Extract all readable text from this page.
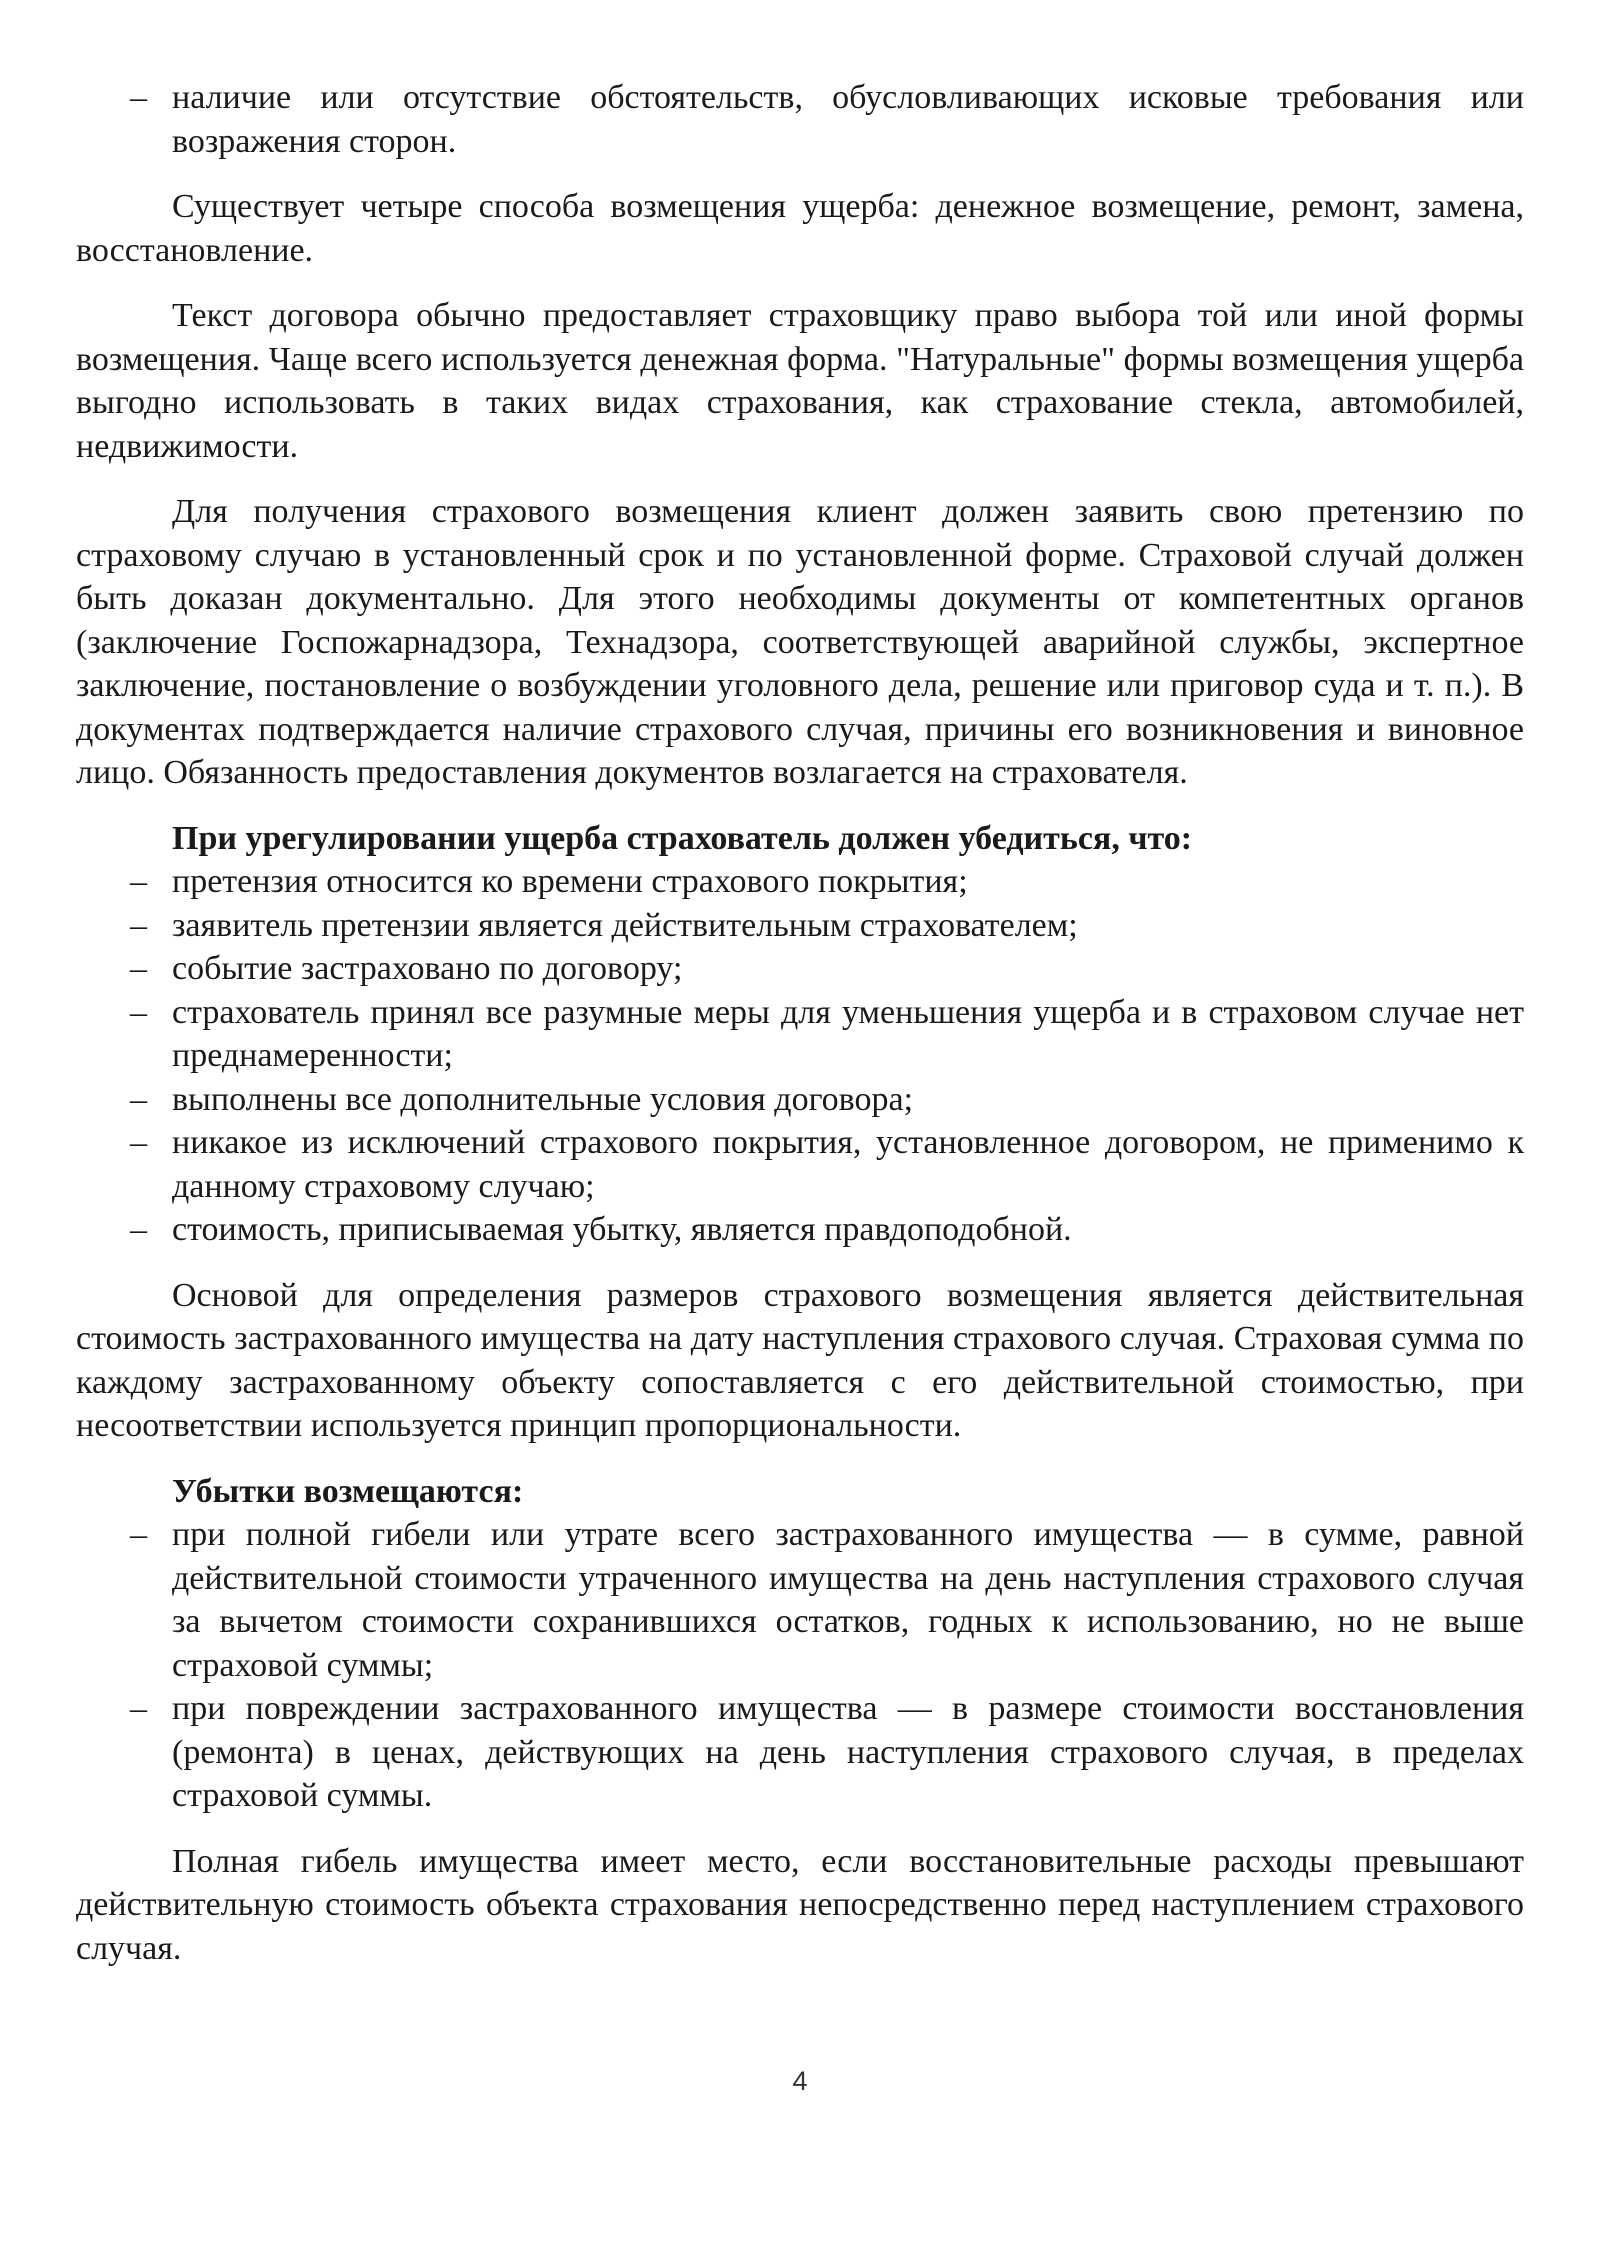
– наличие или отсутствие обстоятельств, обусловливающих исковые требования или возражения сторон.

Существует четыре способа возмещения ущерба: денежное возмещение, ремонт, замена, восстановление.

Текст договора обычно предоставляет страховщику право выбора той или иной формы возмещения. Чаще всего используется денежная форма. "Натуральные" формы возмещения ущерба выгодно использовать в таких видах страхования, как страхование стекла, автомобилей, недвижимости.

Для получения страхового возмещения клиент должен заявить свою претензию по страховому случаю в установленный срок и по установленной форме. Страховой случай должен быть доказан документально. Для этого необходимы документы от компетентных органов (заключение Госпожарнадзора, Технадзора, соответствующей аварийной службы, экспертное заключение, постановление о возбуждении уголовного дела, решение или приговор суда и т. п.). В документах подтверждается наличие страхового случая, причины его возникновения и виновное лицо. Обязанность предоставления документов возлагается на страхователя.

При урегулировании ущерба страхователь должен убедиться, что:

– претензия относится ко времени страхового покрытия;
– заявитель претензии является действительным страхователем;
– событие застраховано по договору;
– страхователь принял все разумные меры для уменьшения ущерба и в страховом случае нет преднамеренности;
– выполнены все дополнительные условия договора;
– никакое из исключений страхового покрытия, установленное договором, не применимо к данному страховому случаю;
– стоимость, приписываемая убытку, является правдоподобной.

Основой для определения размеров страхового возмещения является действительная стоимость застрахованного имущества на дату наступления страхового случая. Страховая сумма по каждому застрахованному объекту сопоставляется с его действительной стоимостью, при несоответствии используется принцип пропорциональности.

Убытки возмещаются:

– при полной гибели или утрате всего застрахованного имущества — в сумме, равной действительной стоимости утраченного имущества на день наступления страхового случая за вычетом стоимости сохранившихся остатков, годных к использованию, но не выше страховой суммы;
– при повреждении застрахованного имущества — в размере стоимости восстановления (ремонта) в ценах, действующих на день наступления страхового случая, в пределах страховой суммы.

Полная гибель имущества имеет место, если восстановительные расходы превышают действительную стоимость объекта страхования непосредственно перед наступлением страхового случая.

4
